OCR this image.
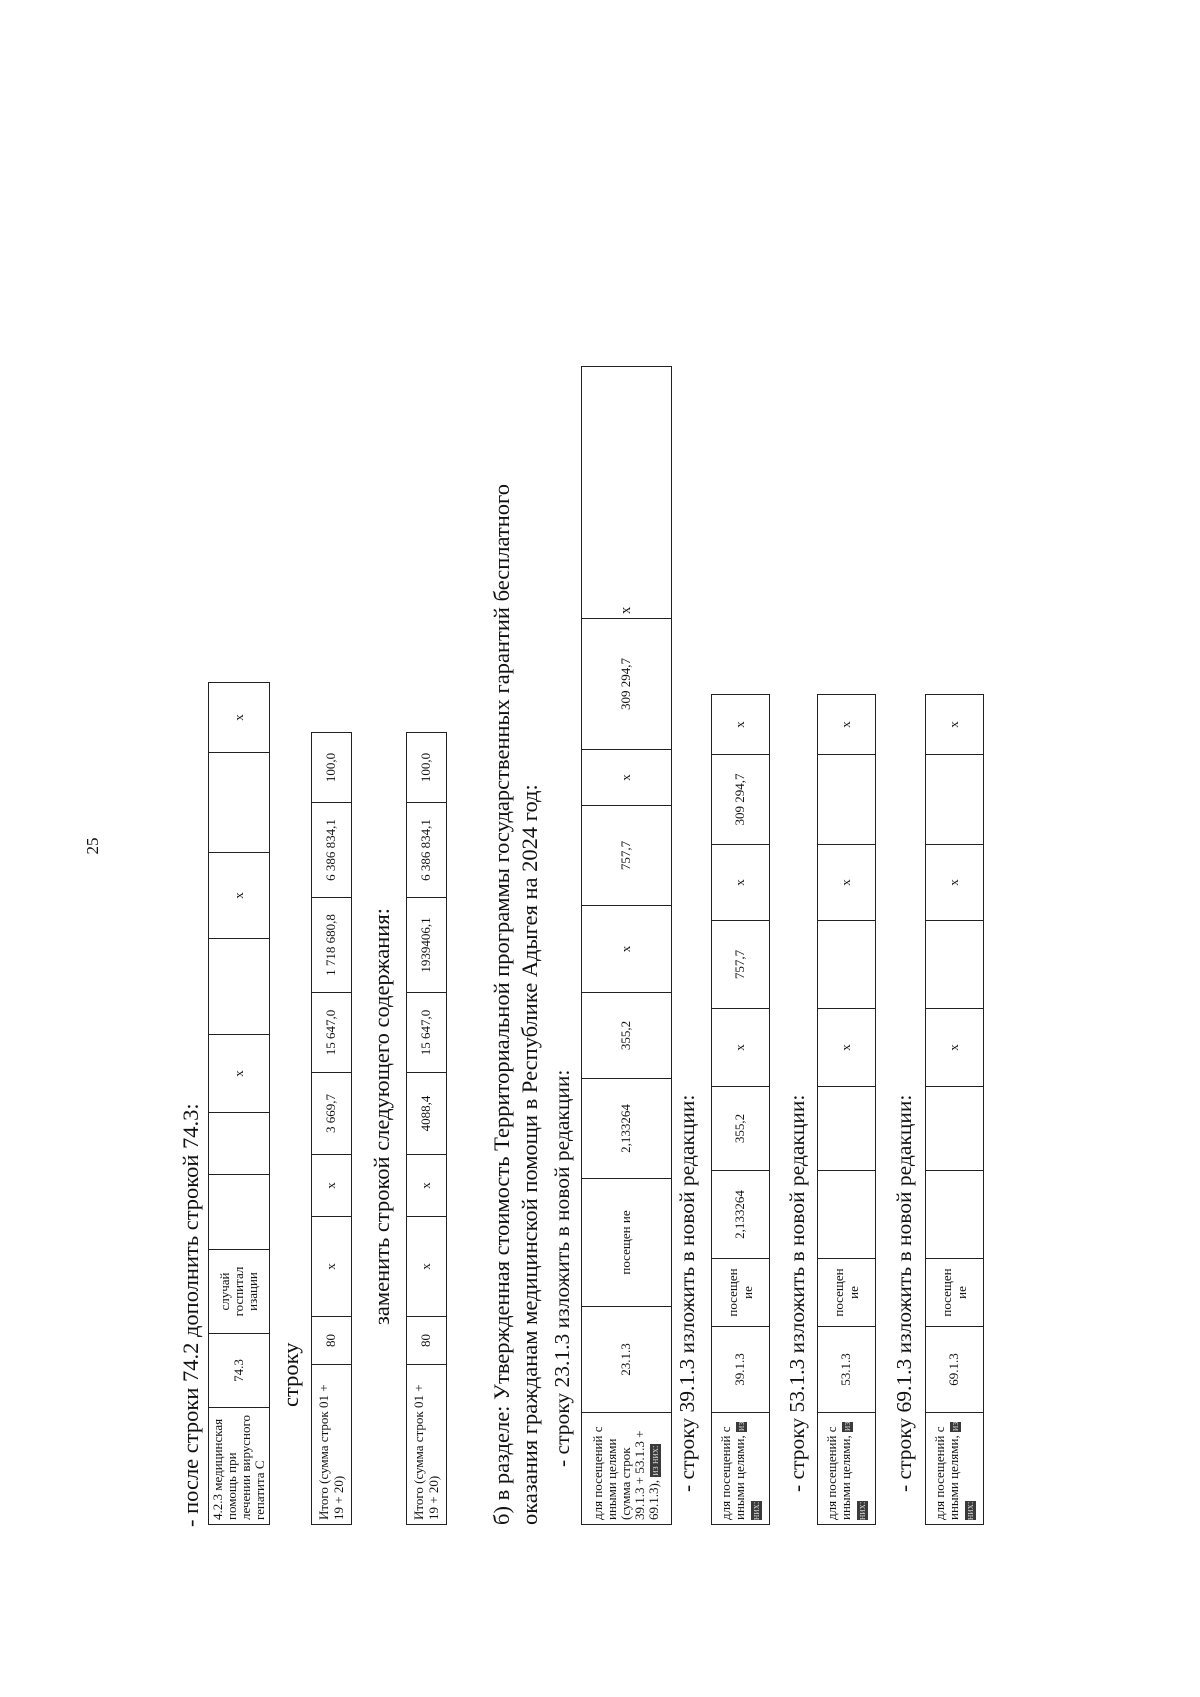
25
- после строки 74.2 дополнить строкой 74.3: 4.2.3 медицинская помощь при лечении вирусного гепатита С	74.3	случай госпитал изации			х		х		х
строку
Итого (сумма строк 01 + 19 + 20)	80	х	х	3 669,7	15 647,0	1 718 680,8	6 386 834,1	100,0
заменить строкой следующего содержания:
Итого (сумма строк 01 + 19 + 20)	80	х	х	4088,4	15 647,0	1939406,1	6 386 834,1	100,0 б) в разделе: Утвержденная стоимость Территориальной программы государственных гарантий бесплатного оказания гражданам медицинской помощи в Республике Адыгея на 2024 год: - строку 23.1.3 изложить в новой редакции:
для посещений с иными целями (сумма строк 39.1.3 + 53.1.3 + 69.1.3), из них:	23.1.3	посещен ие	2,133264	355,2	х	757,7	х	309 294,7	х
- строку 39.1.3 изложить в новой редакции: для посещений с иными целями, из них:	39.1.3	посещен ие	2,133264	355,2	х	757,7	х	309 294,7	х
- строку 53.1.3 изложить в новой редакции: для посещений с иными целями, из них:	53.1.3	посещен ие			х		х		х
- строку 69.1.3 изложить в новой редакции: для посещений с иными целями, из них:	69.1.3	посещен ие			х		х		х
